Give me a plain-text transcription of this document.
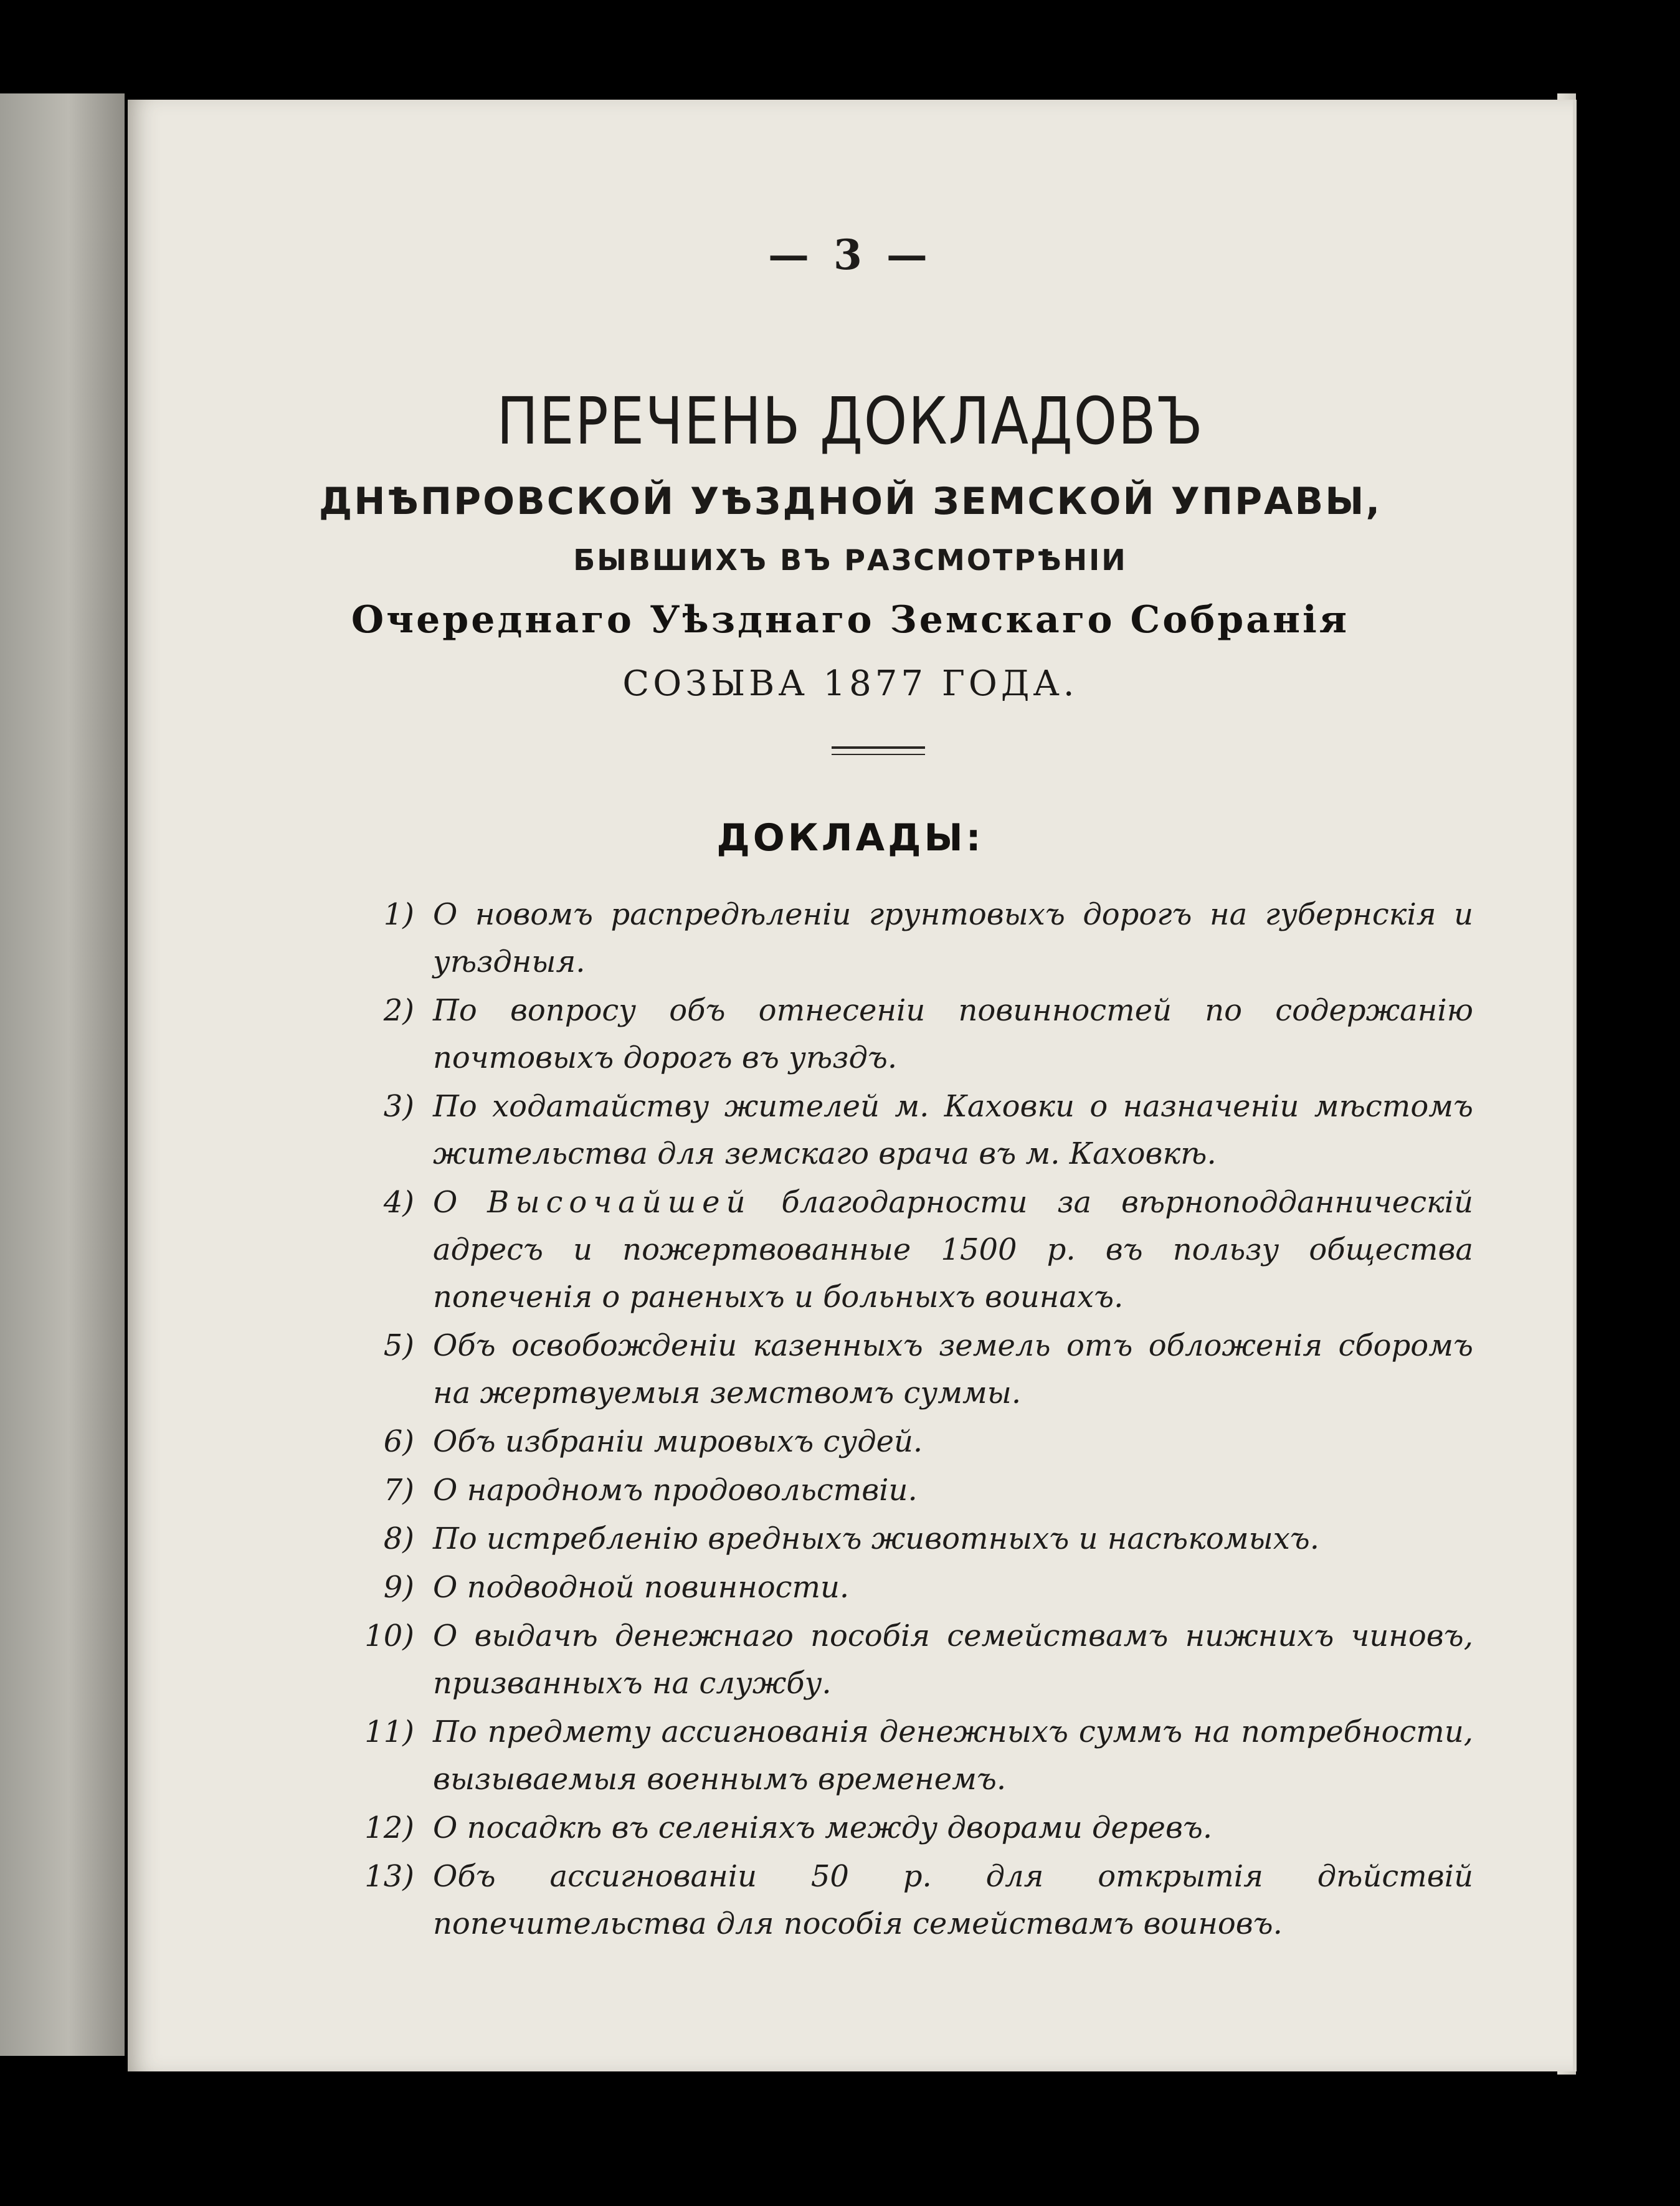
— 3 —
ПЕРЕЧЕНЬ ДОКЛАДОВЪ
ДНѢПРОВСКОЙ УѢЗДНОЙ ЗЕМСКОЙ УПРАВЫ,
БЫВШИХЪ ВЪ РАЗСМОТРѢНІИ
Очереднаго Уѣзднаго Земскаго Собранія
СОЗЫВА 1877 ГОДА.
ДОКЛАДЫ:
1) О новомъ распредѣленіи грунтовыхъ дорогъ на губернскія и уѣздныя.
2) По вопросу объ отнесеніи повинностей по содержанію почтовыхъ дорогъ въ уѣздъ.
3) По ходатайству жителей м. Каховки о назначеніи мѣстомъ жительства для земскаго врача въ м. Каховкѣ.
4) О Высочайшей благодарности за вѣрноподданническій адресъ и пожертвованные 1500 р. въ пользу общества попеченія о раненыхъ и больныхъ воинахъ.
5) Объ освобожденіи казенныхъ земель отъ обложенія сборомъ на жертвуемыя земствомъ суммы.
6) Объ избраніи мировыхъ судей.
7) О народномъ продовольствіи.
8) По истребленію вредныхъ животныхъ и насѣкомыхъ.
9) О подводной повинности.
10) О выдачѣ денежнаго пособія семействамъ нижнихъ чиновъ, призванныхъ на службу.
11) По предмету ассигнованія денежныхъ суммъ на потребности, вызываемыя военнымъ временемъ.
12) О посадкѣ въ селеніяхъ между дворами деревъ.
13) Объ ассигнованіи 50 р. для открытія дѣйствій попечительства для пособія семействамъ воиновъ.
